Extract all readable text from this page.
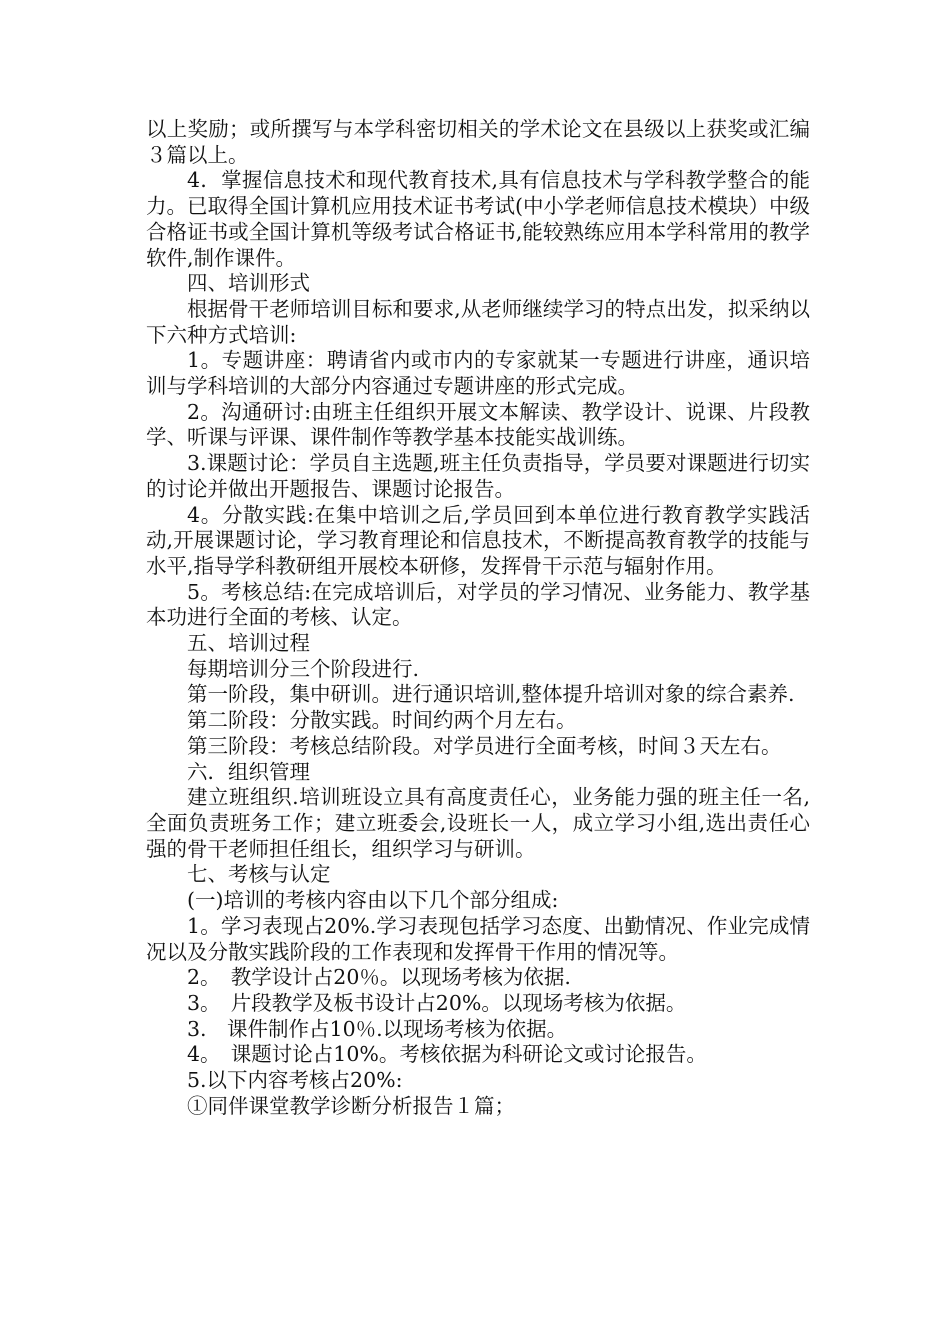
以上奖励；或所撰写与本学科密切相关的学术论文在县级以上获奖或汇编３篇以上。

4．掌握信息技术和现代教育技术,具有信息技术与学科教学整合的能力。已取得全国计算机应用技术证书考试(中小学老师信息技术模块）中级合格证书或全国计算机等级考试合格证书,能较熟练应用本学科常用的教学软件,制作课件。

四、培训形式

根据骨干老师培训目标和要求,从老师继续学习的特点出发，拟采纳以下六种方式培训:

1。专题讲座：聘请省内或市内的专家就某一专题进行讲座，通识培训与学科培训的大部分内容通过专题讲座的形式完成。

2。沟通研讨:由班主任组织开展文本解读、教学设计、说课、片段教学、听课与评课、课件制作等教学基本技能实战训练。

3.课题讨论：学员自主选题,班主任负责指导，学员要对课题进行切实的讨论并做出开题报告、课题讨论报告。

4。分散实践:在集中培训之后,学员回到本单位进行教育教学实践活动,开展课题讨论，学习教育理论和信息技术，不断提高教育教学的技能与水平,指导学科教研组开展校本研修，发挥骨干示范与辐射作用。

5。考核总结:在完成培训后，对学员的学习情况、业务能力、教学基本功进行全面的考核、认定。

五、培训过程

每期培训分三个阶段进行.

第一阶段，集中研训。进行通识培训,整体提升培训对象的综合素养.

第二阶段：分散实践。时间约两个月左右。

第三阶段：考核总结阶段。对学员进行全面考核，时间３天左右。

六．组织管理

建立班组织.培训班设立具有高度责任心，业务能力强的班主任一名,全面负责班务工作；建立班委会,设班长一人，成立学习小组,选出责任心强的骨干老师担任组长，组织学习与研训。

七、考核与认定

(一)培训的考核内容由以下几个部分组成:

1。学习表现占20%.学习表现包括学习态度、出勤情况、作业完成情况以及分散实践阶段的工作表现和发挥骨干作用的情况等。

2。　教学设计占20％。以现场考核为依据.

3。　片段教学及板书设计占20%。以现场考核为依据。

3.　课件制作占10％.以现场考核为依据。

4。　课题讨论占10%。考核依据为科研论文或讨论报告。

5.以下内容考核占20%:

①同伴课堂教学诊断分析报告１篇；
